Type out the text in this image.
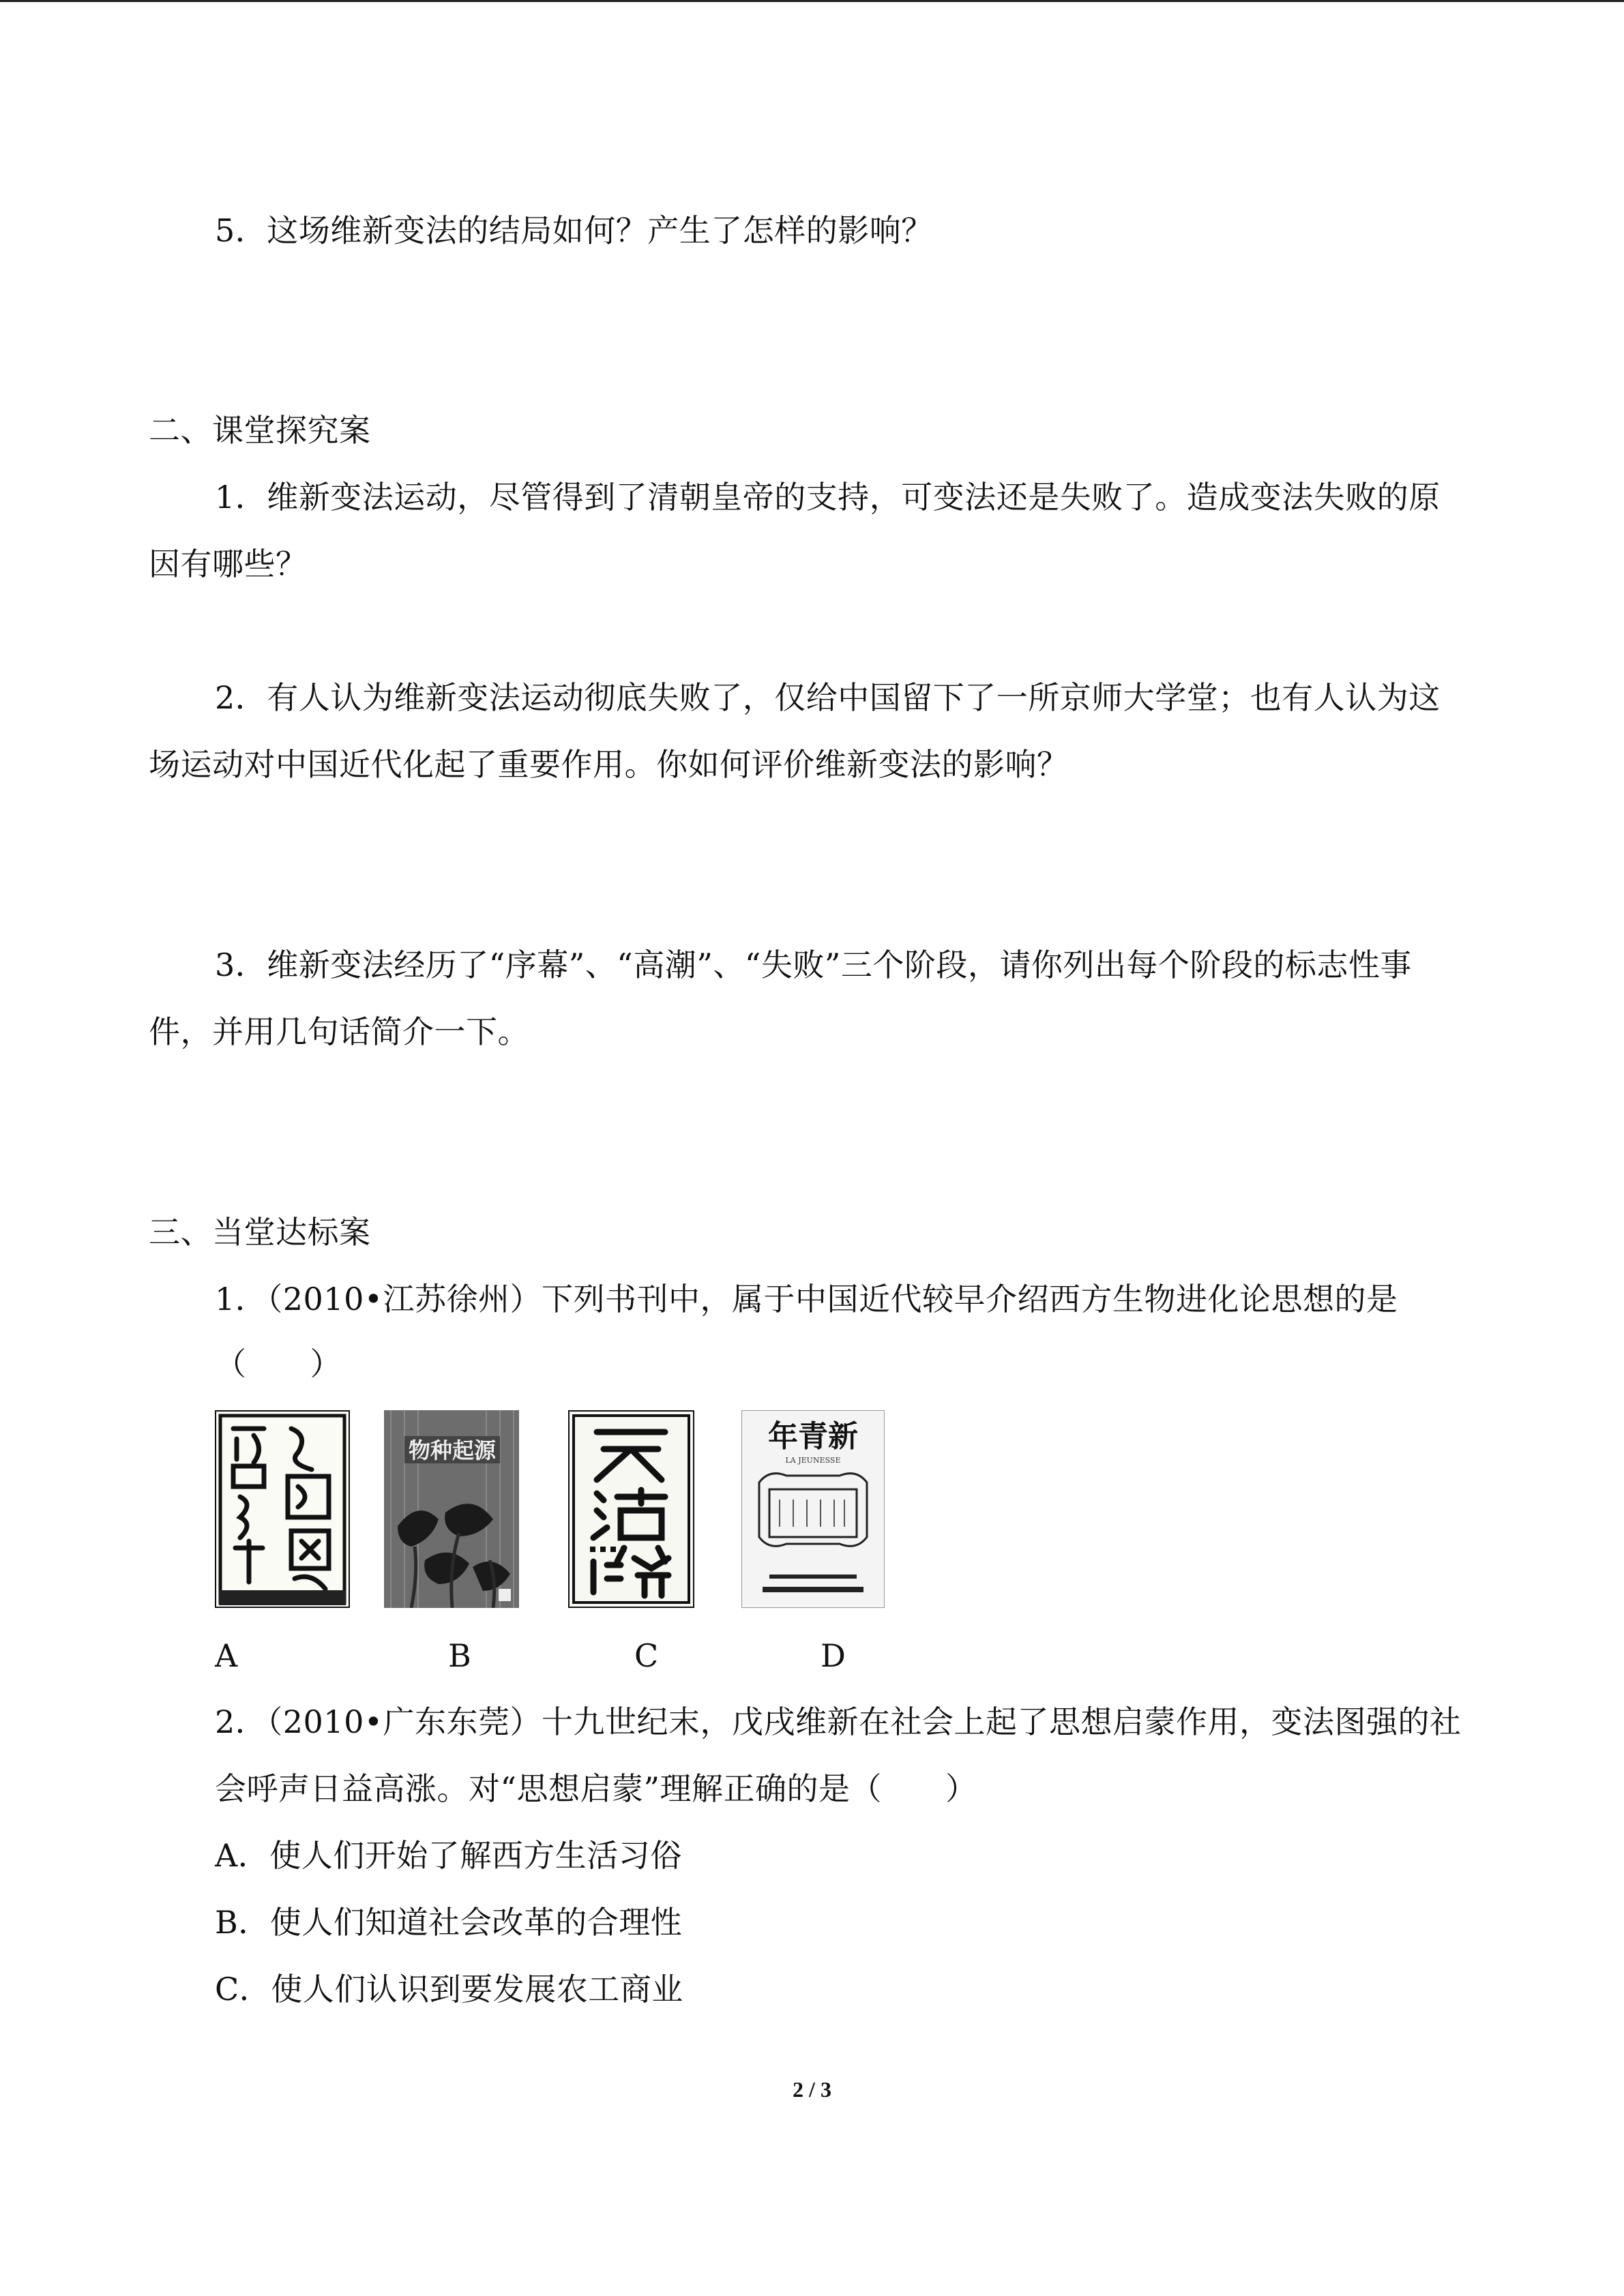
5．这场维新变法的结局如何？产生了怎样的影响？
二、课堂探究案
1．维新变法运动，尽管得到了清朝皇帝的支持，可变法还是失败了。造成变法失败的原
因有哪些？
2．有人认为维新变法运动彻底失败了，仅给中国留下了一所京师大学堂；也有人认为这
场运动对中国近代化起了重要作用。你如何评价维新变法的影响？
3．维新变法经历了“序幕”、“高潮”、“失败”三个阶段，请你列出每个阶段的标志性事
件，并用几句话简介一下。
三、当堂达标案
1．（2010•江苏徐州）下列书刊中，属于中国近代较早介绍西方生物进化论思想的是
（　　）
物种起源	年青新
LA JEUNESSE
A	B	C	D
2．（2010•广东东莞）十九世纪末，戊戌维新在社会上起了思想启蒙作用，变法图强的社
会呼声日益高涨。对“思想启蒙”理解正确的是（　　）
A．使人们开始了解西方生活习俗
B．使人们知道社会改革的合理性
C．使人们认识到要发展农工商业
2 / 3
